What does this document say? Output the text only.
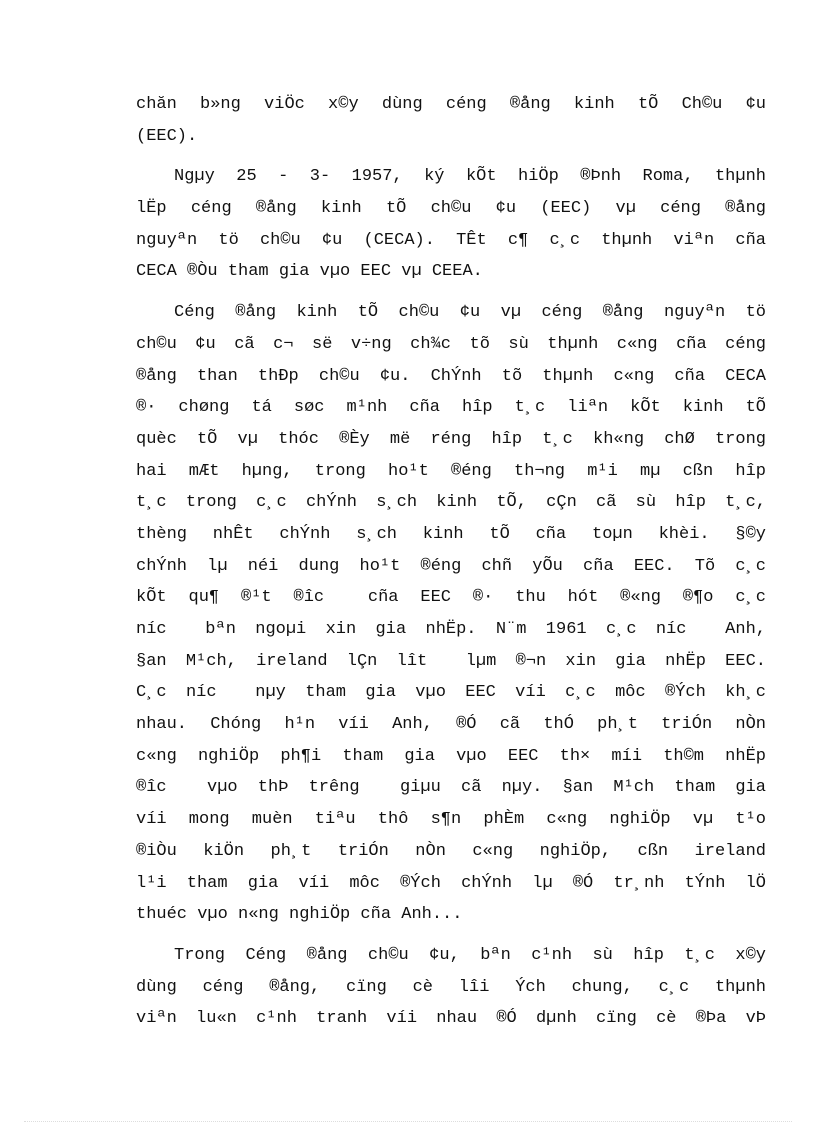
chăn b»ng viÖc x©y dùng céng ®ång kinh tÕ Ch©u ¢u
(EEC).
Ngµy 25 - 3- 1957, ký kÕt hiÖp ®Þnh Roma, thµnh
lËp céng ®ång kinh tÕ ch©u ¢u (EEC) vµ céng ®ång
nguyªn tö ch©u ¢u (CECA). TÊt c¶ c¸c thµnh viªn cña
CECA ®Òu tham gia vµo EEC vµ CEEA.
Céng ®ång kinh tÕ ch©u ¢u vµ céng ®ång nguyªn tö
ch©u ¢u cã c¬ së v÷ng ch¾c tõ sù thµnh c«ng cña céng
®ång than thÐp ch©u ¢u. ChÝnh tõ thµnh c«ng cña CECA
®· chøng tá søc m¹nh cña hîp t¸c liªn kÕt kinh tÕ
quèc tÕ vµ thóc ®Èy më réng hîp t¸c kh«ng chØ trong
hai mÆt hµng, trong ho¹t ®éng th¬ng m¹i mµ cßn hîp
t¸c trong c¸c chÝnh s¸ch kinh tÕ, cÇn cã sù hîp t¸c,
thèng nhÊt chÝnh s¸ch kinh tÕ cña toµn khèi. §©y
chÝnh lµ néi dung ho¹t ®éng chñ yÕu cña EEC. Tõ c¸c
kÕt qu¶ ®¹t ®îc  cña EEC ®· thu hót ®«ng ®¶o c¸c
níc  bªn ngoµi xin gia nhËp. N¨m 1961 c¸c níc  Anh,
§an M¹ch, ireland lÇn lît  lµm ®¬n xin gia nhËp EEC.
C¸c níc  nµy tham gia vµo EEC víi c¸c môc ®Ých kh¸c
nhau. Chóng h¹n víi Anh, ®Ó cã thÓ ph¸t triÓn nÒn
c«ng nghiÖp ph¶i tham gia vµo EEC th× míi th©m nhËp
®îc  vµo thÞ trêng  giµu cã nµy. §an M¹ch tham gia
víi mong muèn tiªu thô s¶n phÈm c«ng nghiÖp vµ t¹o
®iÒu kiÖn ph¸t triÓn nÒn c«ng nghiÖp, cßn ireland
l¹i tham gia víi môc ®Ých chÝnh lµ ®Ó tr¸nh tÝnh lÖ
thuéc vµo n«ng nghiÖp cña Anh...
Trong Céng ®ång ch©u ¢u, bªn c¹nh sù hîp t¸c x©y
dùng céng ®ång, cïng cè lîi Ých chung, c¸c thµnh
viªn lu«n c¹nh tranh víi nhau ®Ó dµnh cïng cè ®Þa vÞ
